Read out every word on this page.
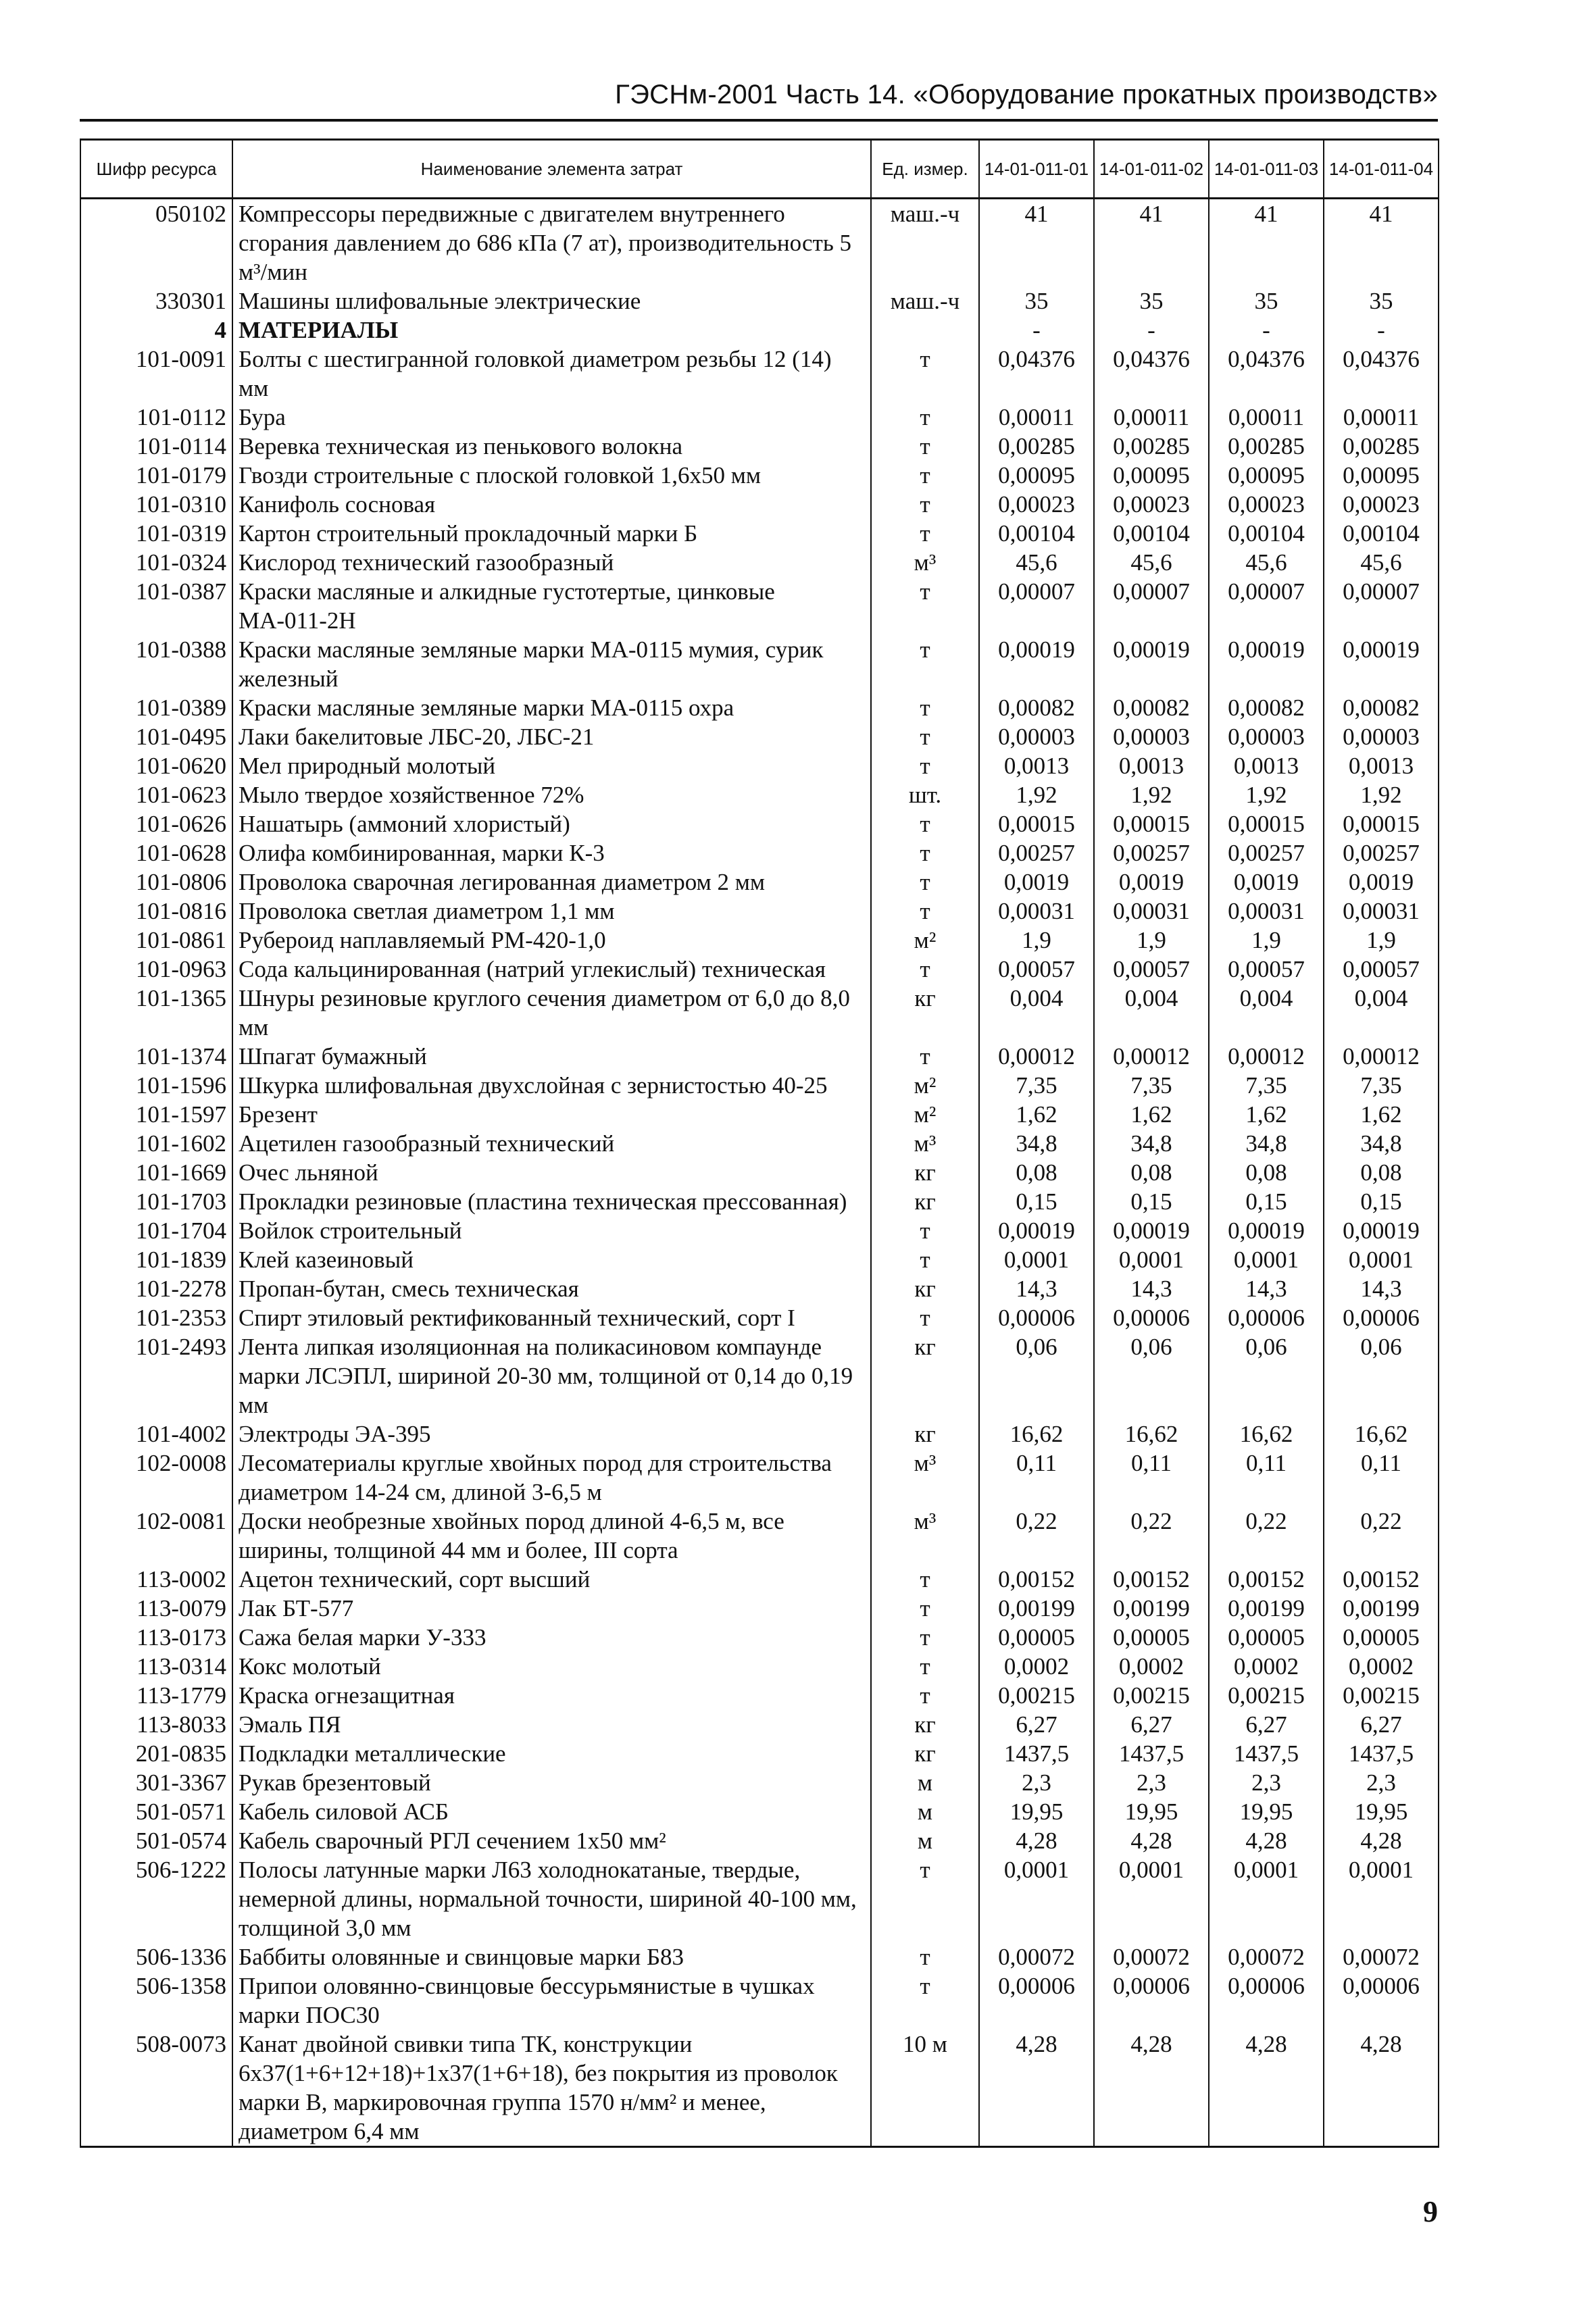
ГЭСНм-2001 Часть 14. «Оборудование прокатных производств»
Шифр ресурса	Наименование элемента затрат	Ед. измер.	14-01-011-01	14-01-011-02	14-01-011-03	14-01-011-04
050102	Компрессоры передвижные с двигателем внутреннего сгорания давлением до 686 кПа (7 ат), производительность 5 м³/мин	маш.-ч	41	41	41	41
330301	Машины шлифовальные электрические	маш.-ч	35	35	35	35
4	МАТЕРИАЛЫ		-	-	-	-
101-0091	Болты с шестигранной головкой диаметром резьбы 12 (14) мм	т	0,04376	0,04376	0,04376	0,04376
101-0112	Бура	т	0,00011	0,00011	0,00011	0,00011
101-0114	Веревка техническая из пенькового волокна	т	0,00285	0,00285	0,00285	0,00285
101-0179	Гвозди строительные с плоской головкой 1,6х50 мм	т	0,00095	0,00095	0,00095	0,00095
101-0310	Канифоль сосновая	т	0,00023	0,00023	0,00023	0,00023
101-0319	Картон строительный прокладочный марки Б	т	0,00104	0,00104	0,00104	0,00104
101-0324	Кислород технический газообразный	м³	45,6	45,6	45,6	45,6
101-0387	Краски масляные и алкидные густотертые, цинковые МА-011-2Н	т	0,00007	0,00007	0,00007	0,00007
101-0388	Краски масляные земляные марки МА-0115 мумия, сурик железный	т	0,00019	0,00019	0,00019	0,00019
101-0389	Краски масляные земляные марки МА-0115 охра	т	0,00082	0,00082	0,00082	0,00082
101-0495	Лаки бакелитовые ЛБС-20, ЛБС-21	т	0,00003	0,00003	0,00003	0,00003
101-0620	Мел природный молотый	т	0,0013	0,0013	0,0013	0,0013
101-0623	Мыло твердое хозяйственное 72%	шт.	1,92	1,92	1,92	1,92
101-0626	Нашатырь (аммоний хлористый)	т	0,00015	0,00015	0,00015	0,00015
101-0628	Олифа комбинированная, марки К-3	т	0,00257	0,00257	0,00257	0,00257
101-0806	Проволока сварочная легированная диаметром 2 мм	т	0,0019	0,0019	0,0019	0,0019
101-0816	Проволока светлая диаметром 1,1 мм	т	0,00031	0,00031	0,00031	0,00031
101-0861	Рубероид наплавляемый РМ-420-1,0	м²	1,9	1,9	1,9	1,9
101-0963	Сода кальцинированная (натрий углекислый) техническая	т	0,00057	0,00057	0,00057	0,00057
101-1365	Шнуры резиновые круглого сечения диаметром от 6,0 до 8,0 мм	кг	0,004	0,004	0,004	0,004
101-1374	Шпагат бумажный	т	0,00012	0,00012	0,00012	0,00012
101-1596	Шкурка шлифовальная двухслойная с зернистостью 40-25	м²	7,35	7,35	7,35	7,35
101-1597	Брезент	м²	1,62	1,62	1,62	1,62
101-1602	Ацетилен газообразный технический	м³	34,8	34,8	34,8	34,8
101-1669	Очес льняной	кг	0,08	0,08	0,08	0,08
101-1703	Прокладки резиновые (пластина техническая прессованная)	кг	0,15	0,15	0,15	0,15
101-1704	Войлок строительный	т	0,00019	0,00019	0,00019	0,00019
101-1839	Клей казеиновый	т	0,0001	0,0001	0,0001	0,0001
101-2278	Пропан-бутан, смесь техническая	кг	14,3	14,3	14,3	14,3
101-2353	Спирт этиловый ректификованный технический, сорт I	т	0,00006	0,00006	0,00006	0,00006
101-2493	Лента липкая изоляционная на поликасиновом компаунде марки ЛСЭПЛ, шириной 20-30 мм, толщиной от 0,14 до 0,19 мм	кг	0,06	0,06	0,06	0,06
101-4002	Электроды ЭА-395	кг	16,62	16,62	16,62	16,62
102-0008	Лесоматериалы круглые хвойных пород для строительства диаметром 14-24 см, длиной 3-6,5 м	м³	0,11	0,11	0,11	0,11
102-0081	Доски необрезные хвойных пород длиной 4-6,5 м, все ширины, толщиной 44 мм и более, III сорта	м³	0,22	0,22	0,22	0,22
113-0002	Ацетон технический, сорт высший	т	0,00152	0,00152	0,00152	0,00152
113-0079	Лак БТ-577	т	0,00199	0,00199	0,00199	0,00199
113-0173	Сажа белая марки У-333	т	0,00005	0,00005	0,00005	0,00005
113-0314	Кокс молотый	т	0,0002	0,0002	0,0002	0,0002
113-1779	Краска огнезащитная	т	0,00215	0,00215	0,00215	0,00215
113-8033	Эмаль ПЯ	кг	6,27	6,27	6,27	6,27
201-0835	Подкладки металлические	кг	1437,5	1437,5	1437,5	1437,5
301-3367	Рукав брезентовый	м	2,3	2,3	2,3	2,3
501-0571	Кабель силовой АСБ	м	19,95	19,95	19,95	19,95
501-0574	Кабель сварочный РГЛ сечением 1х50 мм²	м	4,28	4,28	4,28	4,28
506-1222	Полосы латунные марки Л63 холоднокатаные, твердые, немерной длины, нормальной точности, шириной 40-100 мм, толщиной 3,0 мм	т	0,0001	0,0001	0,0001	0,0001
506-1336	Баббиты оловянные и свинцовые марки Б83	т	0,00072	0,00072	0,00072	0,00072
506-1358	Припои оловянно-свинцовые бессурьмянистые в чушках марки ПОС30	т	0,00006	0,00006	0,00006	0,00006
508-0073	Канат двойной свивки типа ТК, конструкции 6х37(1+6+12+18)+1х37(1+6+18), без покрытия из проволок марки В, маркировочная группа 1570 н/мм² и менее, диаметром 6,4 мм	10 м	4,28	4,28	4,28	4,28
9
